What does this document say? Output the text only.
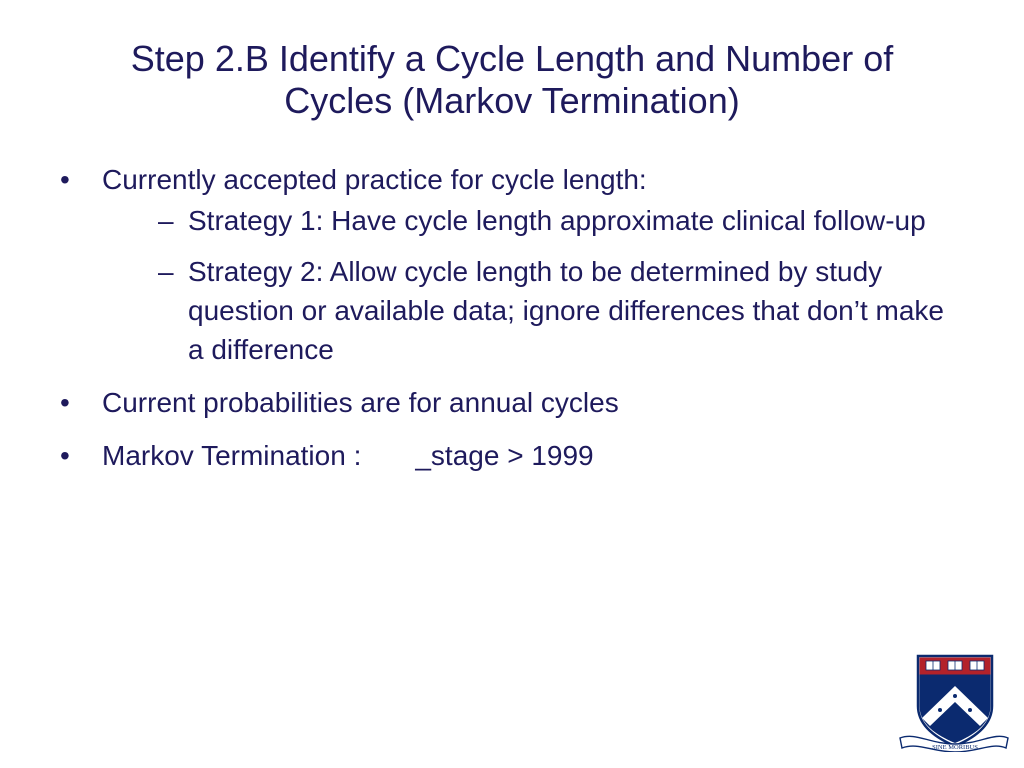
Step 2.B Identify a Cycle Length and Number of
Cycles (Markov Termination)
• Currently accepted practice for cycle length:
– Strategy 1: Have cycle length approximate clinical follow-up
– Strategy 2: Allow cycle length to be determined by study question or available data; ignore differences that don’t make a difference
• Current probabilities are for annual cycles
• Markov Termination : _stage > 1999
SINE MORIBUS
